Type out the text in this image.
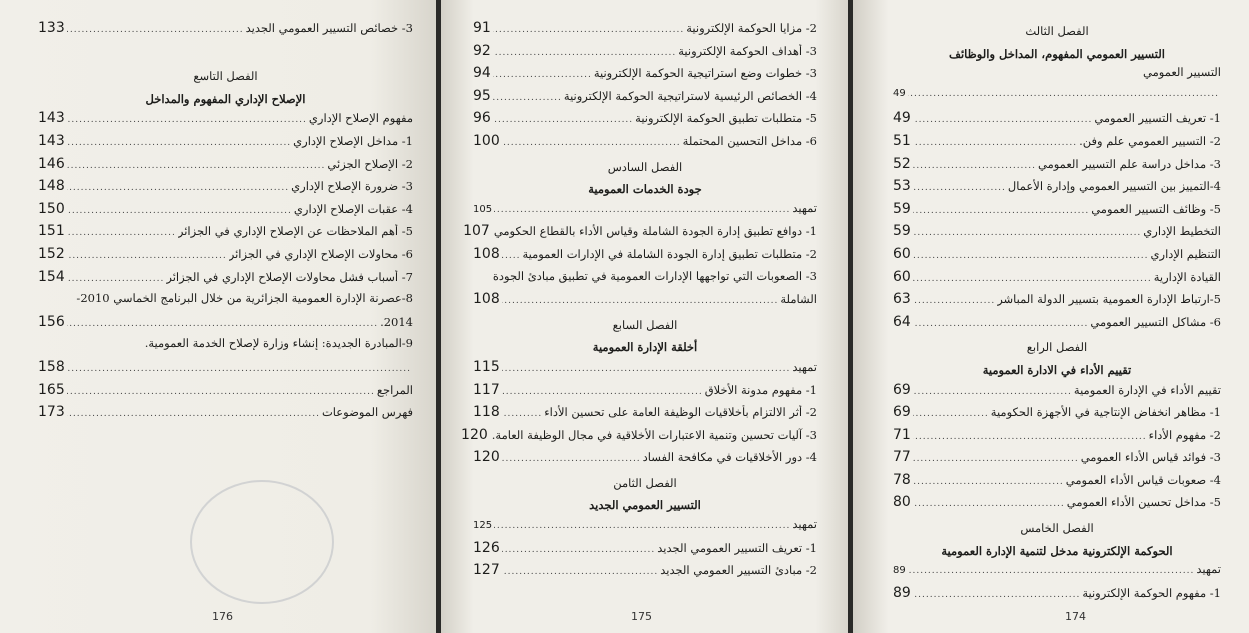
3- خصائص التسيير العمومي الجديد
.....
133
الفصل التاسع
الإصلاح الإداري المفهوم والمداخل
مفهوم الإصلاح الإداري
.....
143
1- مداخل الإصلاح الإداري
.....
143
2- الإصلاح الجزئي
.....
146
3- ضرورة الإصلاح الإداري
.....
148
4- عقبات الإصلاح الإداري
.....
150
5- أهم الملاحظات عن الإصلاح الإداري في الجزائر
.....
151
6- محاولات الإصلاح الإداري في الجزائر
.....
152
7- أسباب فشل محاولات الإصلاح الإداري في الجزائر
.....
154
8-عصرنة الإدارة العمومية الجزائرية من خلال البرنامج الخماسي 2010-
2014.
.....
156
9-المبادرة الجديدة: إنشاء وزارة لإصلاح الخدمة العمومية.
.....
158
المراجع
.....
165
فهرس الموضوعات
.....
173
176
2- مزايا الحوكمة الإلكترونية
.....
91
3- أهداف الحوكمة الإلكترونية
.....
92
3- خطوات وضع استراتيجية الحوكمة الإلكترونية
.....
94
4- الخصائص الرئيسية لاستراتيجية الحوكمة الإلكترونية
.....
95
5- متطلبات تطبيق الحوكمة الإلكترونية
.....
96
6- مداخل التحسين المحتملة
.....
100
الفصل السادس
جودة الخدمات العمومية
تمهيد
.....
105
1- دوافع تطبيق إدارة الجودة الشاملة وقياس الأداء بالقطاع الحكومي
107
2- متطلبات تطبيق إدارة الجودة الشاملة في الإدارات العمومية
.....
108
3- الصعوبات التي تواجهها الإدارات العمومية في تطبيق مبادئ الجودة
الشاملة
.....
108
الفصل السابع
أخلقة الإدارة العمومية
تمهيد
.....
115
1- مفهوم مدونة الأخلاق
.....
117
2- أثر الالتزام بأخلاقيات الوظيفة العامة على تحسين الأداء
.....
118
3- آليات تحسين وتنمية الاعتبارات الأخلاقية في مجال الوظيفة العامة.
120
4- دور الأخلاقيات في مكافحة الفساد
.....
120
الفصل الثامن
التسيير العمومي الجديد
تمهيد
.....
125
1- تعريف التسيير العمومي الجديد
.....
126
2- مبادئ التسيير العمومي الجديد
.....
127
175
الفصل الثالث
التسيير العمومي المفهوم، المداخل والوظائف
التسيير العمومي
.....
49
1- تعريف التسيير العمومي
.....
49
2- التسيير العمومي علم وفن.
.....
51
3- مداخل دراسة علم التسيير العمومي
.....
52
4-التمييز بين التسيير العمومي وإدارة الأعمال
.....
53
5- وظائف التسيير العمومي
.....
59
التخطيط الإداري
.....
59
التنظيم الإداري
.....
60
القيادة الإدارية
.....
60
5-ارتباط الإدارة العمومية بتسيير الدولة المباشر
.....
63
6- مشاكل التسيير العمومي
.....
64
الفصل الرابع
تقييم الأداء في الادارة العمومية
تقييم الأداء في الإدارة العمومية
.....
69
1- مظاهر انخفاض الإنتاجية في الأجهزة الحكومية
.....
69
2- مفهوم الأداء
.....
71
3- فوائد قياس الأداء العمومي
.....
77
4- صعوبات قياس الأداء العمومي
.....
78
5- مداخل تحسين الأداء العمومي
.....
80
الفصل الخامس
الحوكمة الإلكترونية مدخل لتنمية الإدارة العمومية
تمهيد
.....
89
1- مفهوم الحوكمة الإلكترونية
.....
89
174
